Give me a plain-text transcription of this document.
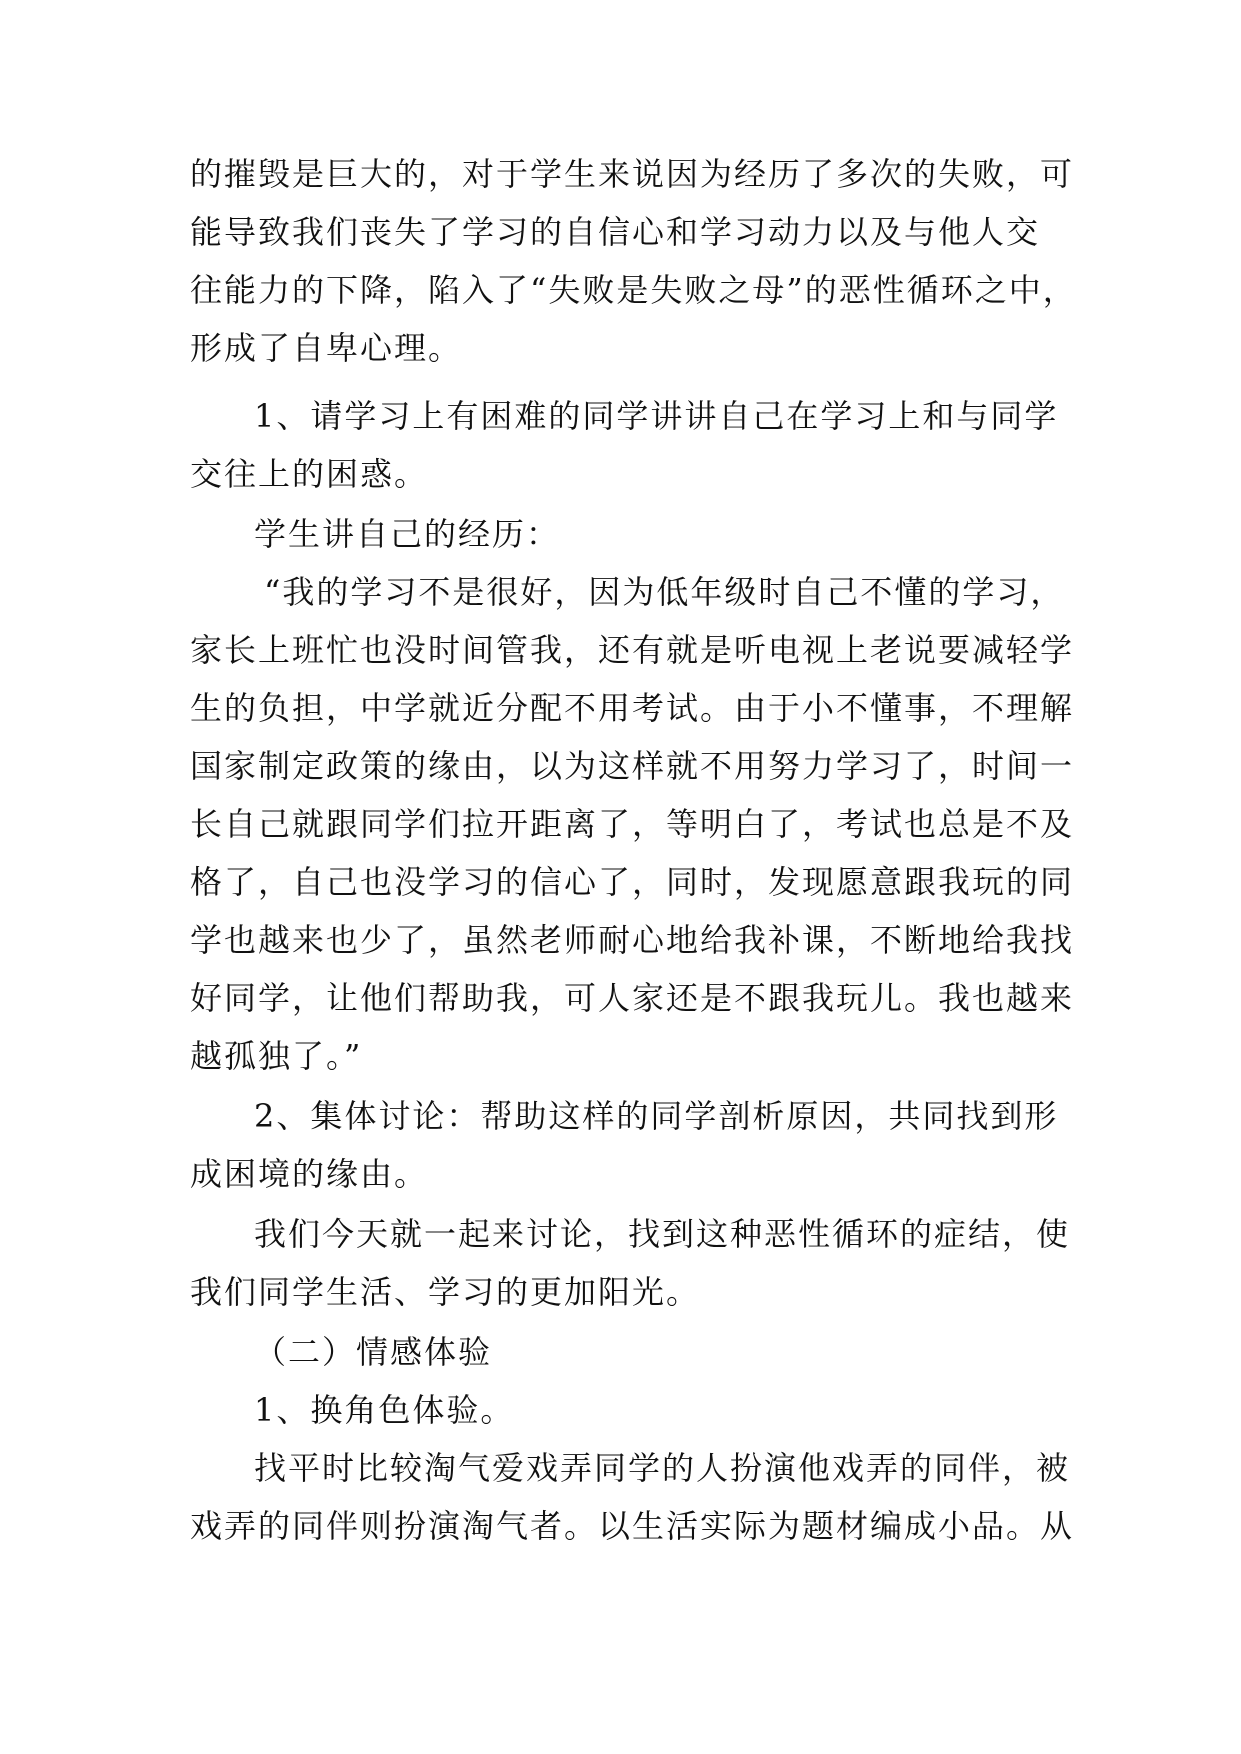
的摧毁是巨大的，对于学生来说因为经历了多次的失败，可
能导致我们丧失了学习的自信心和学习动力以及与他人交
往能力的下降，陷入了“失败是失败之母”的恶性循环之中，
形成了自卑心理。
1、请学习上有困难的同学讲讲自己在学习上和与同学
交往上的困惑。
学生讲自己的经历：
“我的学习不是很好，因为低年级时自己不懂的学习，
家长上班忙也没时间管我，还有就是听电视上老说要减轻学
生的负担，中学就近分配不用考试。由于小不懂事，不理解
国家制定政策的缘由，以为这样就不用努力学习了，时间一
长自己就跟同学们拉开距离了，等明白了，考试也总是不及
格了，自己也没学习的信心了，同时，发现愿意跟我玩的同
学也越来也少了，虽然老师耐心地给我补课，不断地给我找
好同学，让他们帮助我，可人家还是不跟我玩儿。我也越来
越孤独了。”
2、集体讨论：帮助这样的同学剖析原因，共同找到形
成困境的缘由。
我们今天就一起来讨论，找到这种恶性循环的症结，使
我们同学生活、学习的更加阳光。
（二）情感体验
1、换角色体验。
找平时比较淘气爱戏弄同学的人扮演他戏弄的同伴，被
戏弄的同伴则扮演淘气者。以生活实际为题材编成小品。从
